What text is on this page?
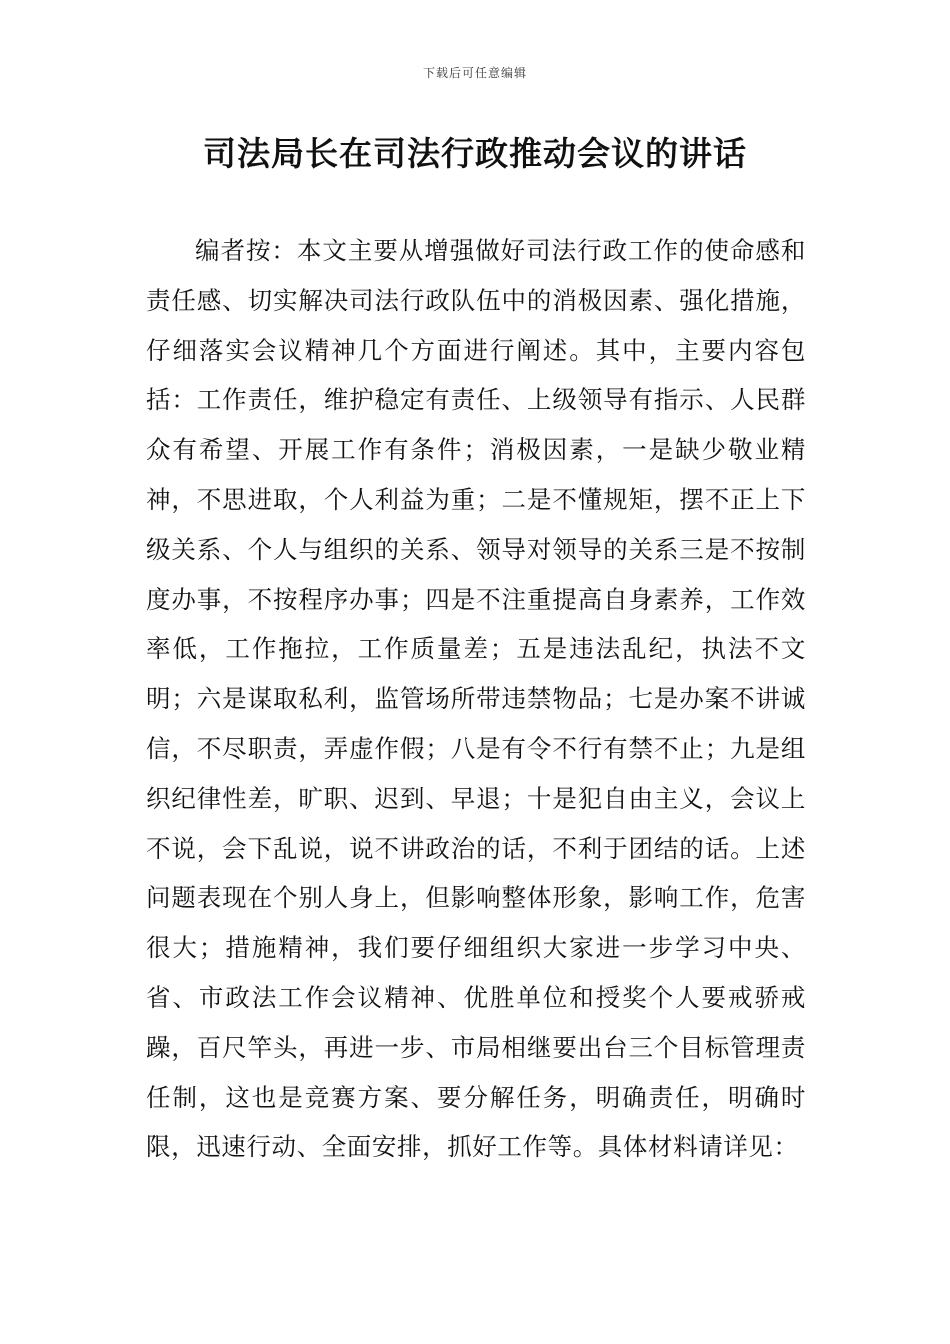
下载后可任意编辑
司法局长在司法行政推动会议的讲话

编者按：本文主要从增强做好司法行政工作的使命感和责任感、切实解决司法行政队伍中的消极因素、强化措施，仔细落实会议精神几个方面进行阐述。其中，主要内容包括：工作责任，维护稳定有责任、上级领导有指示、人民群众有希望、开展工作有条件；消极因素，一是缺少敬业精神，不思进取，个人利益为重；二是不懂规矩，摆不正上下级关系、个人与组织的关系、领导对领导的关系三是不按制度办事，不按程序办事；四是不注重提高自身素养，工作效率低，工作拖拉，工作质量差；五是违法乱纪，执法不文明；六是谋取私利，监管场所带违禁物品；七是办案不讲诚信，不尽职责，弄虚作假；八是有令不行有禁不止；九是组织纪律性差，旷职、迟到、早退；十是犯自由主义，会议上不说，会下乱说，说不讲政治的话，不利于团结的话。上述问题表现在个别人身上，但影响整体形象，影响工作，危害很大；措施精神，我们要仔细组织大家进一步学习中央、省、市政法工作会议精神、优胜单位和授奖个人要戒骄戒躁，百尺竿头，再进一步、市局相继要出台三个目标管理责任制，这也是竞赛方案、要分解任务，明确责任，明确时限，迅速行动、全面安排，抓好工作等。具体材料请详见：
